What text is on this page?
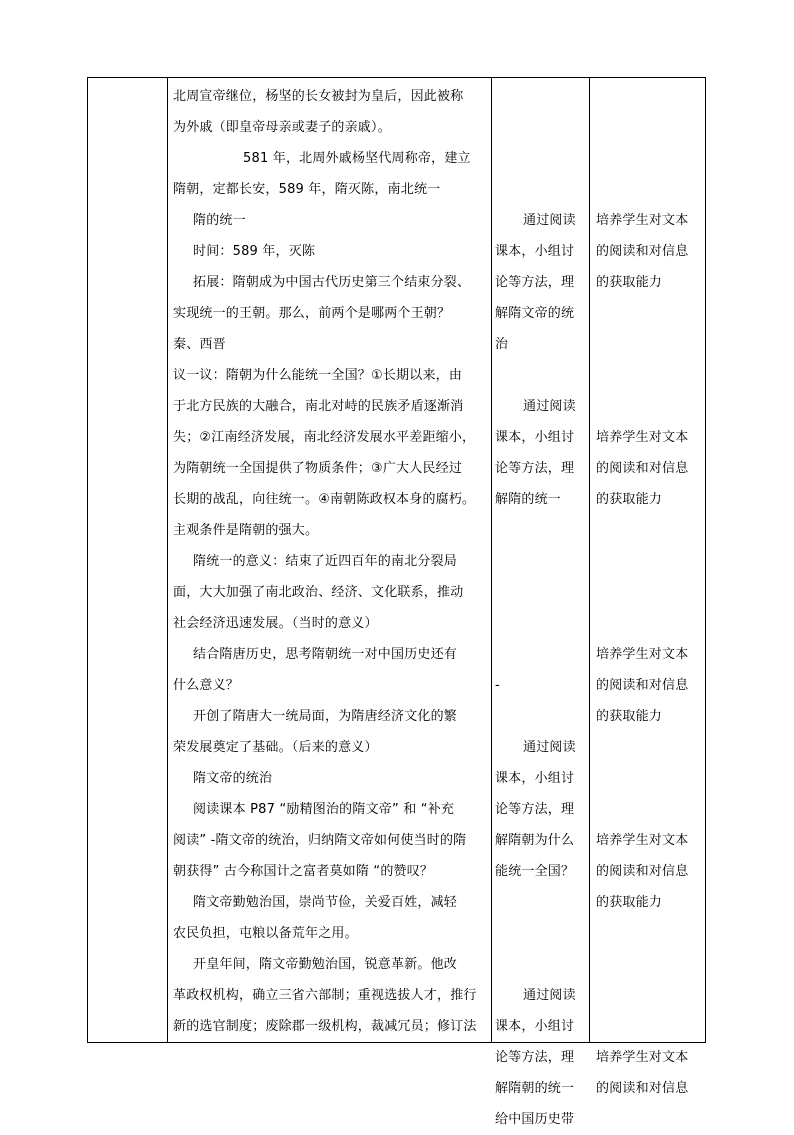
北周宣帝继位，杨坚的长女被封为皇后，因此被称
为外戚（即皇帝母亲或妻子的亲戚）。
581 年，北周外戚杨坚代周称帝，建立
隋朝，定都长安，589 年，隋灭陈，南北统一
隋的统一
时间：589 年，灭陈
拓展：隋朝成为中国古代历史第三个结束分裂、
实现统一的王朝。那么，前两个是哪两个王朝？
秦、西晋
议一议：隋朝为什么能统一全国？①长期以来，由
于北方民族的大融合，南北对峙的民族矛盾逐渐消
失；②江南经济发展，南北经济发展水平差距缩小，
为隋朝统一全国提供了物质条件；③广大人民经过
长期的战乱，向往统一。④南朝陈政权本身的腐朽。
主观条件是隋朝的强大。
隋统一的意义：结束了近四百年的南北分裂局
面，大大加强了南北政治、经济、文化联系，推动
社会经济迅速发展。（当时的意义）
结合隋唐历史，思考隋朝统一对中国历史还有
什么意义？
开创了隋唐大一统局面，为隋唐经济文化的繁
荣发展奠定了基础。（后来的意义）
隋文帝的统治
阅读课本 P87 “励精图治的隋文帝” 和 “补充
阅读” -隋文帝的统治，归纳隋文帝如何使当时的隋
朝获得” 古今称国计之富者莫如隋 “的赞叹？
隋文帝勤勉治国，崇尚节俭，关爱百姓，减轻
农民负担，屯粮以备荒年之用。
开皇年间，隋文帝勤勉治国，锐意革新。他改
革政权机构，确立三省六部制；重视选拔人才，推行
新的选官制度；废除郡一级机构，裁减冗员；修订法

通过阅读
课本，小组讨
论等方法，理
解隋文帝的统
治

通过阅读
课本，小组讨
论等方法，理
解隋的统一

-

通过阅读
课本，小组讨
论等方法，理
解隋朝为什么
能统一全国？

通过阅读
课本，小组讨
论等方法，理
解隋朝的统一
给中国历史带

培养学生对文本
的阅读和对信息
的获取能力

培养学生对文本
的阅读和对信息
的获取能力

培养学生对文本
的阅读和对信息
的获取能力

培养学生对文本
的阅读和对信息
的获取能力

培养学生对文本
的阅读和对信息
